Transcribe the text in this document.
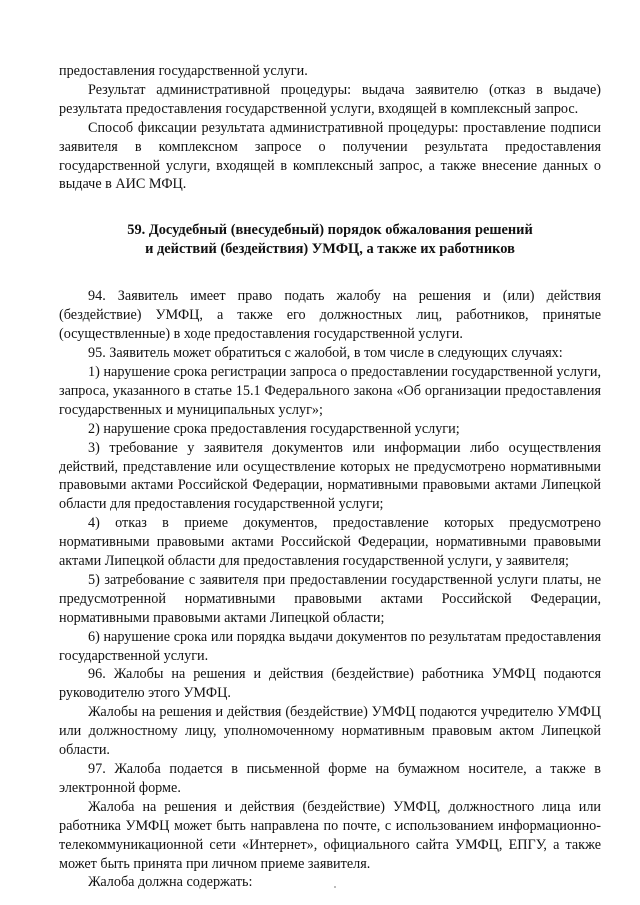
предоставления государственной услуги.

Результат административной процедуры: выдача заявителю (отказ в выдаче) результата предоставления государственной услуги, входящей в комплексный запрос.

Способ фиксации результата административной процедуры: проставление подписи заявителя в комплексном запросе о получении результата предоставления государственной услуги, входящей в комплексный запрос, а также внесение данных о выдаче в АИС МФЦ.

59. Досудебный (внесудебный) порядок обжалования решений
и действий (бездействия) УМФЦ, а также их работников

94. Заявитель имеет право подать жалобу на решения и (или) действия (бездействие) УМФЦ, а также его должностных лиц, работников, принятые (осуществленные) в ходе предоставления государственной услуги.

95. Заявитель может обратиться с жалобой, в том числе в следующих случаях:

1) нарушение срока регистрации запроса о предоставлении государственной услуги, запроса, указанного в статье 15.1 Федерального закона «Об организации предоставления государственных и муниципальных услуг»;

2) нарушение срока предоставления государственной услуги;

3) требование у заявителя документов или информации либо осуществления действий, представление или осуществление которых не предусмотрено нормативными правовыми актами Российской Федерации, нормативными правовыми актами Липецкой области для предоставления государственной услуги;

4) отказ в приеме документов, предоставление которых предусмотрено нормативными правовыми актами Российской Федерации, нормативными правовыми актами Липецкой области для предоставления государственной услуги, у заявителя;

5) затребование с заявителя при предоставлении государственной услуги платы, не предусмотренной нормативными правовыми актами Российской Федерации, нормативными правовыми актами Липецкой области;

6) нарушение срока или порядка выдачи документов по результатам предоставления государственной услуги.

96. Жалобы на решения и действия (бездействие) работника УМФЦ подаются руководителю этого УМФЦ.

Жалобы на решения и действия (бездействие) УМФЦ подаются учредителю УМФЦ или должностному лицу, уполномоченному нормативным правовым актом Липецкой области.

97. Жалоба подается в письменной форме на бумажном носителе, а также в электронной форме.

Жалоба на решения и действия (бездействие) УМФЦ, должностного лица или работника УМФЦ может быть направлена по почте, с использованием информационно-телекоммуникационной сети «Интернет», официального сайта УМФЦ, ЕПГУ, а также может быть принята при личном приеме заявителя.

Жалоба должна содержать:
